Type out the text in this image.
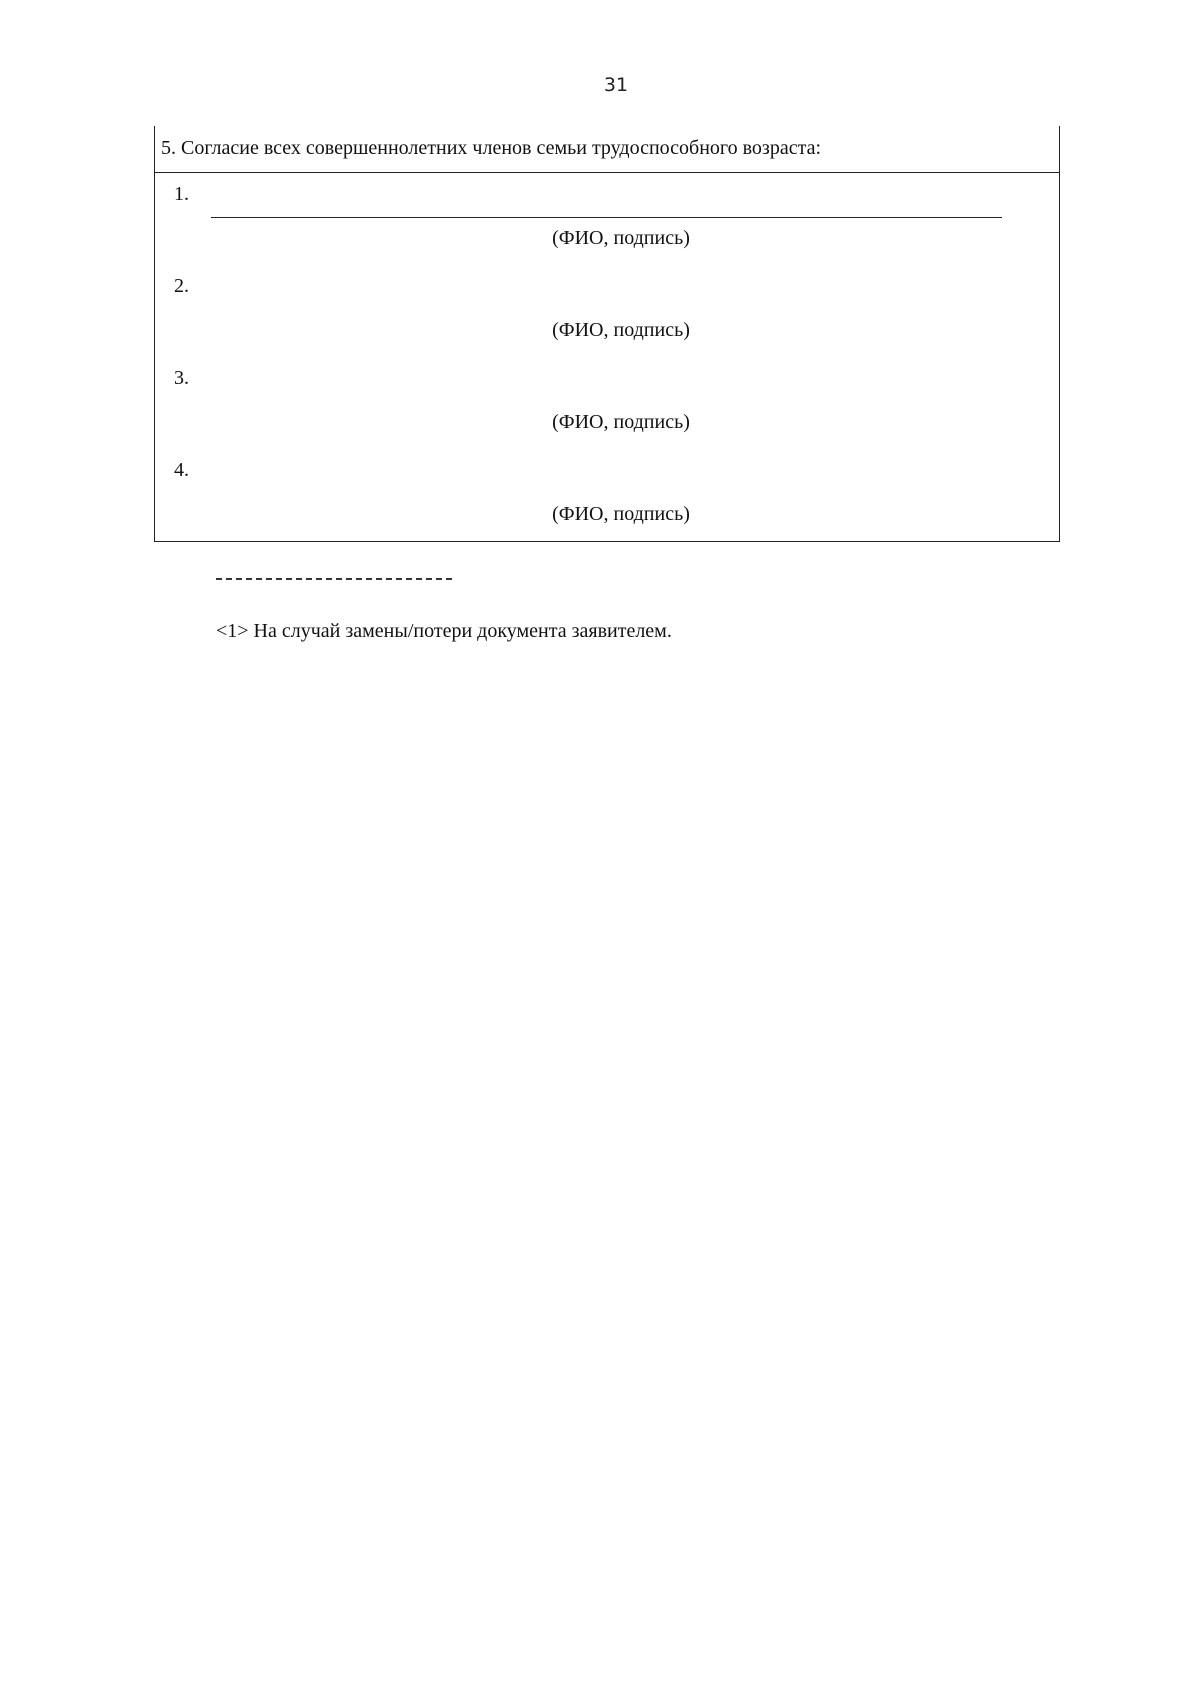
31
5. Согласие всех совершеннолетних членов семьи трудоспособного возраста:
1.
(ФИО, подпись)
2.
(ФИО, подпись)
3.
(ФИО, подпись)
4.
(ФИО, подпись)
<1> На случай замены/потери документа заявителем.
